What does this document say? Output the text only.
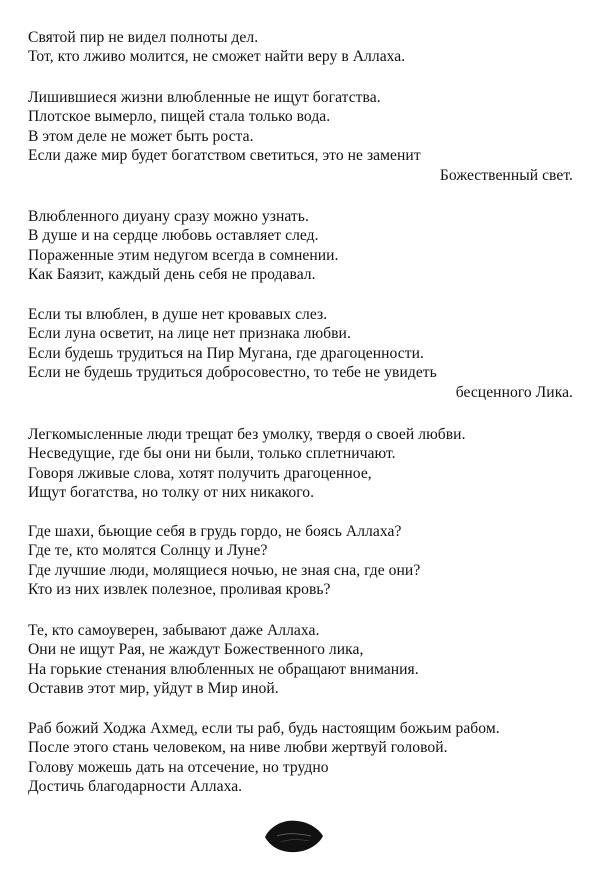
Святой пир не видел полноты дел.
Тот, кто лживо молится, не сможет найти веру в Аллаха.
Лишившиеся жизни влюбленные не ищут богатства.
Плотское вымерло, пищей стала только вода.
В этом деле не может быть роста.
Если даже мир будет богатством светиться, это не заменит
Божественный свет.
Влюбленного диуану сразу можно узнать.
В душе и на сердце любовь оставляет след.
Пораженные этим недугом всегда в сомнении.
Как Баязит, каждый день себя не продавал.
Если ты влюблен, в душе нет кровавых слез.
Если луна осветит, на лице нет признака любви.
Если будешь трудиться на Пир Мугана, где драгоценности.
Если не будешь трудиться добросовестно, то тебе не увидеть
бесценного Лика.
Легкомысленные люди трещат без умолку, твердя о своей любви.
Несведущие, где бы они ни были, только сплетничают.
Говоря лживые слова, хотят получить драгоценное,
Ищут богатства, но толку от них никакого.
Где шахи, бьющие себя в грудь гордо, не боясь Аллаха?
Где те, кто молятся Солнцу и Луне?
Где лучшие люди, молящиеся ночью, не зная сна, где они?
Кто из них извлек полезное, проливая кровь?
Те, кто самоуверен, забывают даже Аллаха.
Они не ищут Рая, не жаждут Божественного лика,
На горькие стенания влюбленных не обращают внимания.
Оставив этот мир, уйдут в Мир иной.
Раб божий Ходжа Ахмед, если ты раб, будь настоящим божьим рабом.
После этого стань человеком, на ниве любви жертвуй головой.
Голову можешь дать на отсечение, но трудно
Достичь благодарности Аллаха.
